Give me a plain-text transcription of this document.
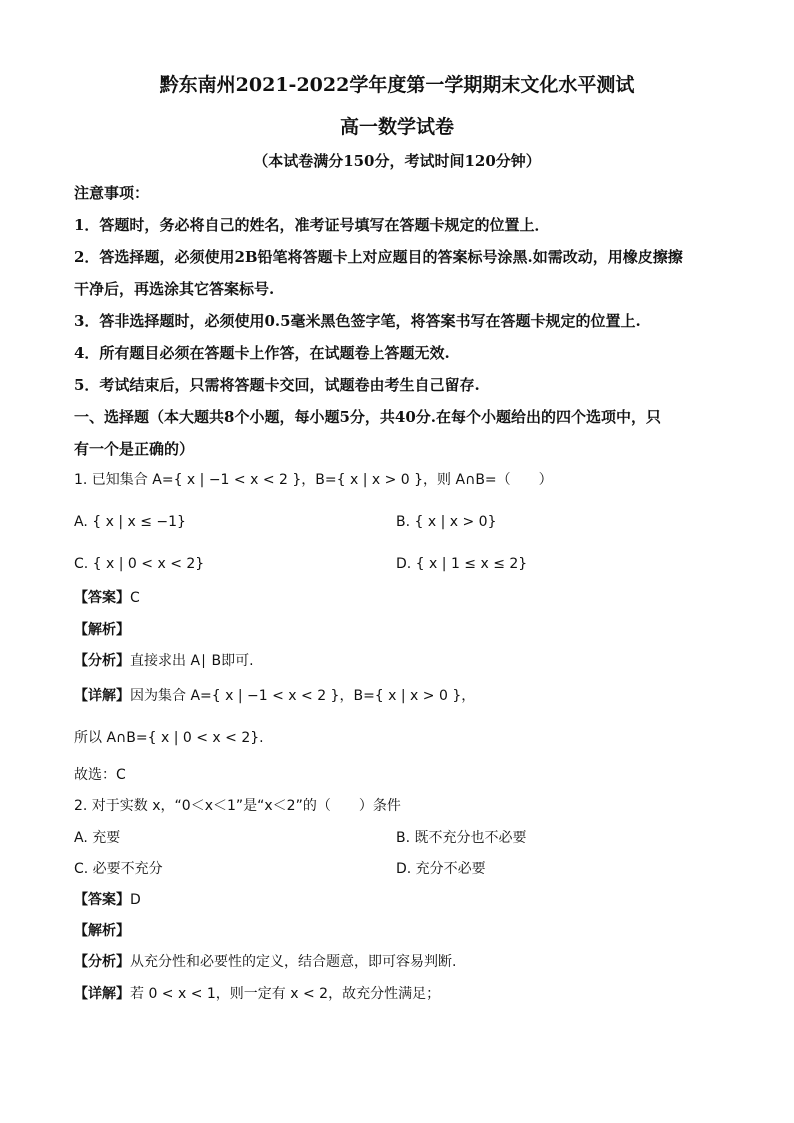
黔东南州2021-2022学年度第一学期期末文化水平测试
高一数学试卷
（本试卷满分150分，考试时间120分钟）
注意事项：
1．答题时，务必将自己的姓名，准考证号填写在答题卡规定的位置上．
2．答选择题，必须使用2B铅笔将答题卡上对应题目的答案标号涂黑.如需改动，用橡皮擦擦
干净后，再选涂其它答案标号.
3．答非选择题时，必须使用0.5毫米黑色签字笔，将答案书写在答题卡规定的位置上.
4．所有题目必须在答题卡上作答，在试题卷上答题无效.
5．考试结束后，只需将答题卡交回，试题卷由考生自己留存.
一、选择题（本大题共8个小题，每小题5分，共40分.在每个小题给出的四个选项中，只
有一个是正确的）
1. 已知集合 A={ x | −1 < x < 2 }，B={ x | x > 0 }，则 A∩B=（　　）
A. { x | x ≤ −1}	B. { x | x > 0}
C. { x | 0 < x < 2}	D. { x | 1 ≤ x ≤ 2}
【答案】C
【解析】
【分析】直接求出 A∣ B即可.
【详解】因为集合 A={ x | −1 < x < 2 }，B={ x | x > 0 }，
所以 A∩B={ x | 0 < x < 2}.
故选：C
2. 对于实数 x，“0＜x＜1”是“x＜2”的（　　）条件
A. 充要	B. 既不充分也不必要
C. 必要不充分	D. 充分不必要
【答案】D
【解析】
【分析】从充分性和必要性的定义，结合题意，即可容易判断.
【详解】若 0 < x < 1，则一定有 x < 2，故充分性满足；
